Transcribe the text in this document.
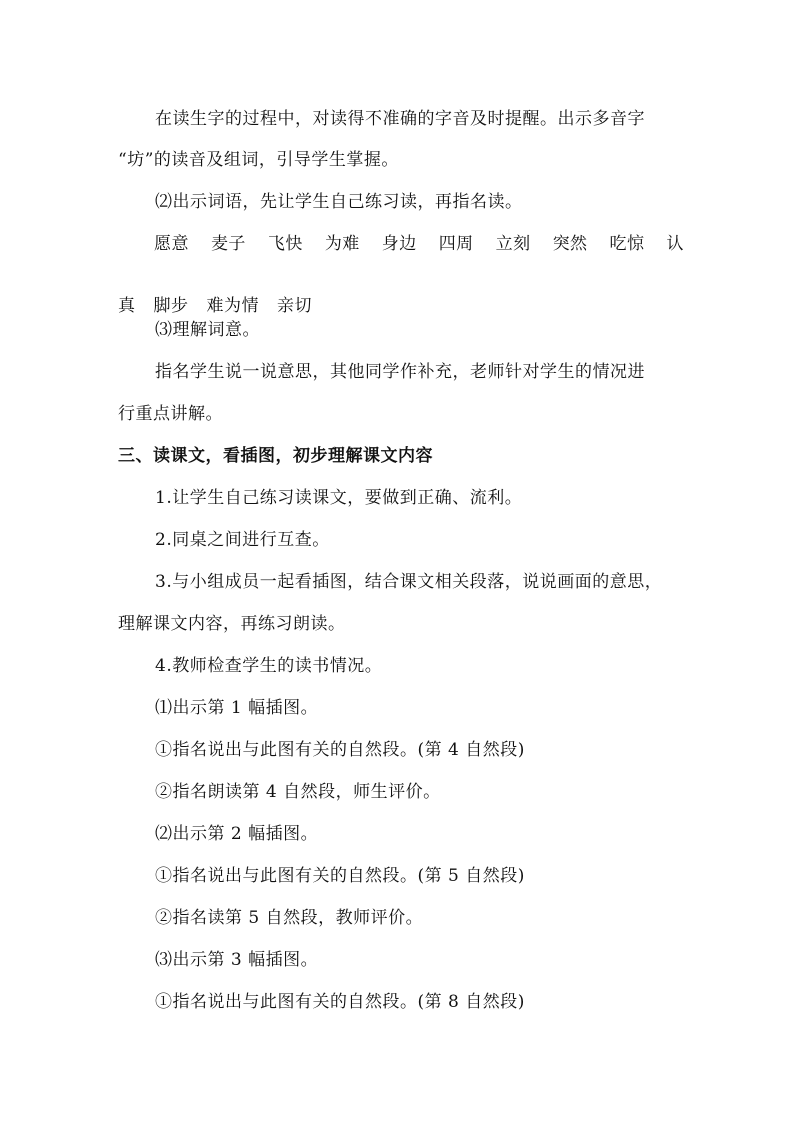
在读生字的过程中，对读得不准确的字音及时提醒。出示多音字
“坊”的读音及组词，引导学生掌握。
⑵出示词语，先让学生自己练习读，再指名读。
愿意 麦子 飞快 为难 身边 四周 立刻 突然 吃惊 认
真 脚步 难为情 亲切
⑶理解词意。
指名学生说一说意思，其他同学作补充，老师针对学生的情况进
行重点讲解。
三、读课文，看插图，初步理解课文内容
1.让学生自己练习读课文，要做到正确、流利。
2.同桌之间进行互查。
3.与小组成员一起看插图，结合课文相关段落，说说画面的意思，
理解课文内容，再练习朗读。
4.教师检查学生的读书情况。
⑴出示第 1 幅插图。
①指名说出与此图有关的自然段。(第 4 自然段)
②指名朗读第 4 自然段，师生评价。
⑵出示第 2 幅插图。
①指名说出与此图有关的自然段。(第 5 自然段)
②指名读第 5 自然段，教师评价。
⑶出示第 3 幅插图。
①指名说出与此图有关的自然段。(第 8 自然段)
